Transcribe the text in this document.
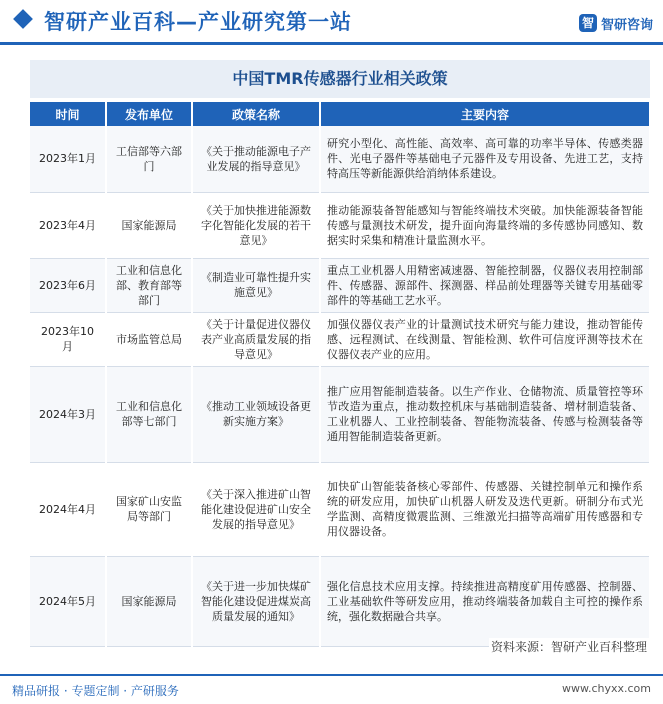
智研产业百科—产业研究第一站	智 智研咨询
中国TMR传感器行业相关政策
时间	发布单位	政策名称	主要内容
2023年1月	工信部等六部门	《关于推动能源电子产业发展的指导意见》	研究小型化、高性能、高效率、高可靠的功率半导体、传感类器件、光电子器件等基础电子元器件及专用设备、先进工艺，支持特高压等新能源供给消纳体系建设。
2023年4月	国家能源局	《关于加快推进能源数字化智能化发展的若干意见》	推动能源装备智能感知与智能终端技术突破。加快能源装备智能传感与量测技术研发，提升面向海量终端的多传感协同感知、数据实时采集和精准计量监测水平。
2023年6月	工业和信息化部、教育部等部门	《制造业可靠性提升实施意见》	重点工业机器人用精密减速器、智能控制器，仪器仪表用控制部件、传感器、源部件、探测器、样品前处理器等关键专用基础零部件的等基础工艺水平。
2023年10月	市场监管总局	《关于计量促进仪器仪表产业高质量发展的指导意见》	加强仪器仪表产业的计量测试技术研究与能力建设，推动智能传感、远程测试、在线测量、智能检测、软件可信度评测等技术在仪器仪表产业的应用。
2024年3月	工业和信息化部等七部门	《推动工业领域设备更新实施方案》	推广应用智能制造装备。以生产作业、仓储物流、质量管控等环节改造为重点，推动数控机床与基础制造装备、增材制造装备、工业机器人、工业控制装备、智能物流装备、传感与检测装备等通用智能制造装备更新。
2024年4月	国家矿山安监局等部门	《关于深入推进矿山智能化建设促进矿山安全发展的指导意见》	加快矿山智能装备核心零部件、传感器、关键控制单元和操作系统的研发应用，加快矿山机器人研发及迭代更新。研制分布式光学监测、高精度微震监测、三维激光扫描等高端矿用传感器和专用仪器设备。
2024年5月	国家能源局	《关于进一步加快煤矿智能化建设促进煤炭高质量发展的通知》	强化信息技术应用支撑。持续推进高精度矿用传感器、控制器、工业基础软件等研发应用，推动终端装备加载自主可控的操作系统，强化数据融合共享。
资料来源：智研产业百科整理
精品研报 · 专题定制 · 产研服务	www.chyxx.com
